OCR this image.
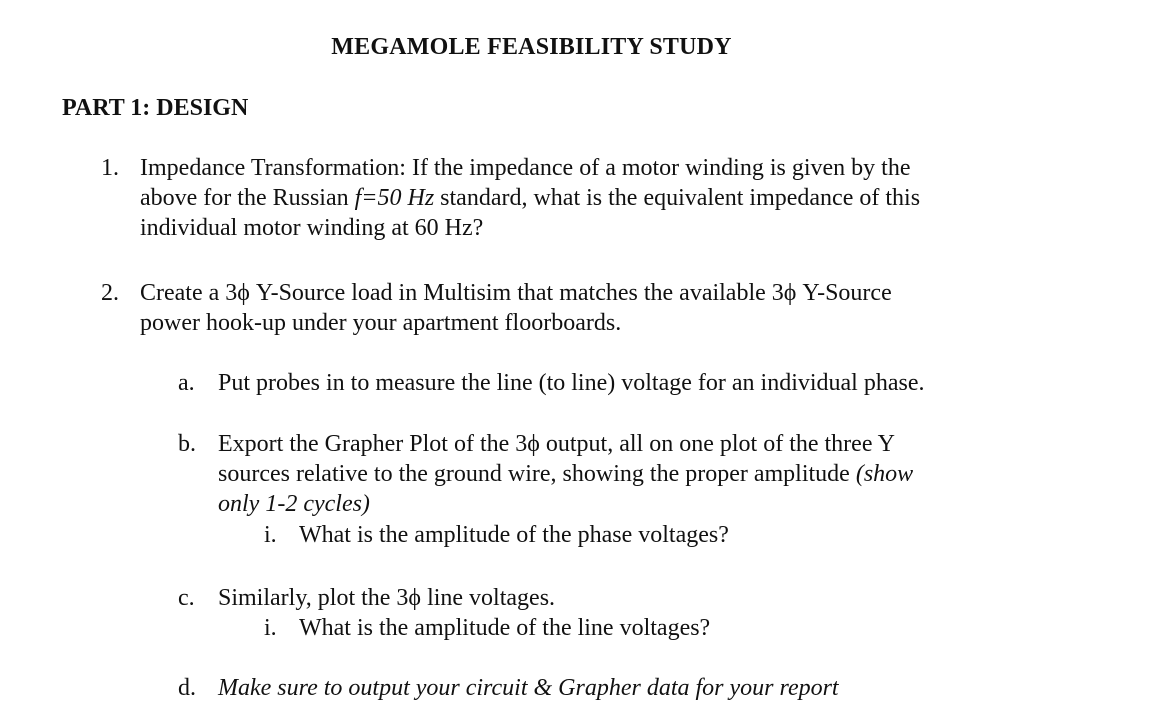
MEGAMOLE FEASIBILITY STUDY
PART 1: DESIGN
1. Impedance Transformation: If the impedance of a motor winding is given by the
above for the Russian f=50 Hz standard, what is the equivalent impedance of this
individual motor winding at 60 Hz?
2. Create a 3ϕ Y-Source load in Multisim that matches the available 3ϕ Y-Source
power hook-up under your apartment floorboards.
a. Put probes in to measure the line (to line) voltage for an individual phase.
b. Export the Grapher Plot of the 3ϕ output, all on one plot of the three Y
sources relative to the ground wire, showing the proper amplitude (show
only 1-2 cycles)
i. What is the amplitude of the phase voltages?
c. Similarly, plot the 3ϕ line voltages.
i. What is the amplitude of the line voltages?
d. Make sure to output your circuit & Grapher data for your report
